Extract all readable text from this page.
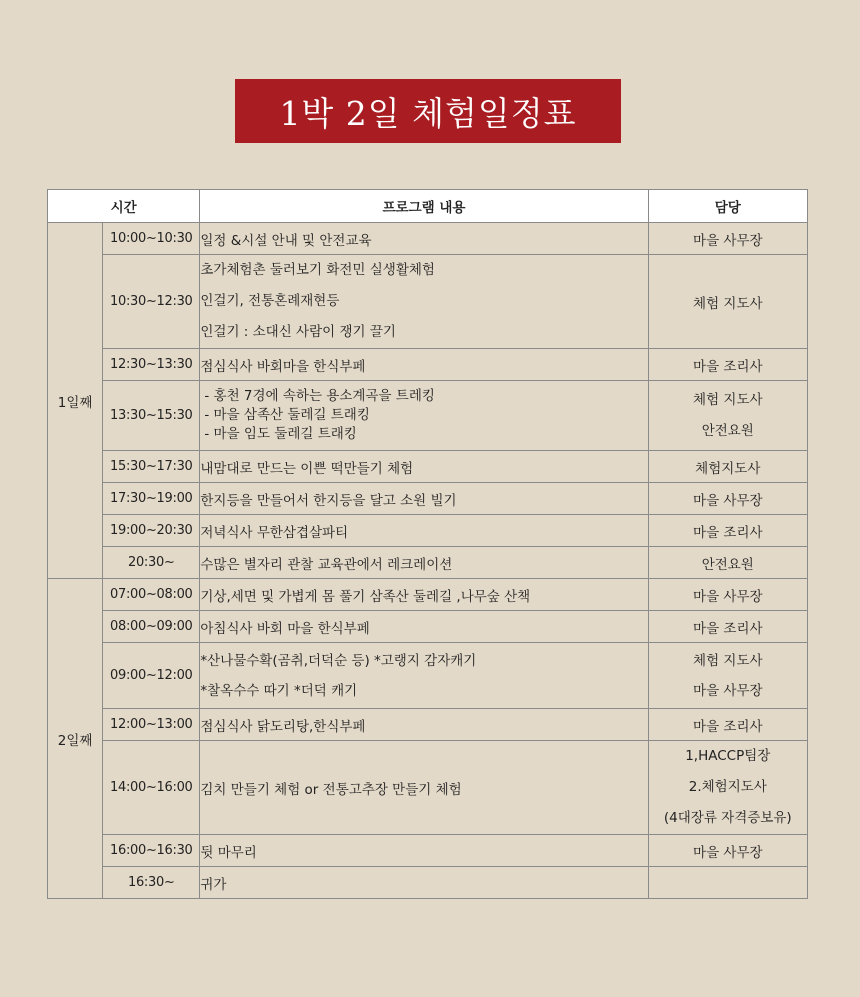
1박 2일 체험일정표
시간		프로그램 내용	담당
1일째	10:00~10:30	일정 &시설 안내 및 안전교육	마을 사무장

	10:30~12:30	초가체험촌 둘러보기 화전민 실생활체험
인걸기, 전통혼례재현등
인걸기 : 소대신 사람이 쟁기 끌기	체험 지도사

	12:30~13:30	점심식사 바회마을 한식부페	마을 조리사

	13:30~15:30	- 홍천 7경에 속하는 용소계곡을 트레킹
- 마을 삼족산 둘레길 트래킹
- 마을 임도 둘레길 트래킹	체험 지도사
안전요원

	15:30~17:30	내맘대로 만드는 이쁜 떡만들기 체험	체험지도사

	17:30~19:00	한지등을 만들어서 한지등을 달고 소원 빌기	마을 사무장

	19:00~20:30	저녁식사 무한삼겹살파티	마을 조리사

	20:30~	수많은 별자리 관찰 교육관에서 레크레이션	안전요원

2일째	07:00~08:00	기상,세면 및 가볍게 몸 풀기 삼족산 둘레길 ,나무숲 산책	마을 사무장

	08:00~09:00	아침식사 바회 마을 한식부페	마을 조리사

	09:00~12:00	*산나물수확(곰취,더덕순 등) *고랭지 감자캐기
*찰옥수수 따기 *더덕 캐기	체험 지도사
마을 사무장

	12:00~13:00	점심식사 닭도리탕,한식부페	마을 조리사

	14:00~16:00	김치 만들기 체험 or 전통고추장 만들기 체험	1,HACCP팀장
2.체험지도사
(4대장류 자격증보유)

	16:00~16:30	뒷 마무리	마을 사무장

	16:30~	귀가	
